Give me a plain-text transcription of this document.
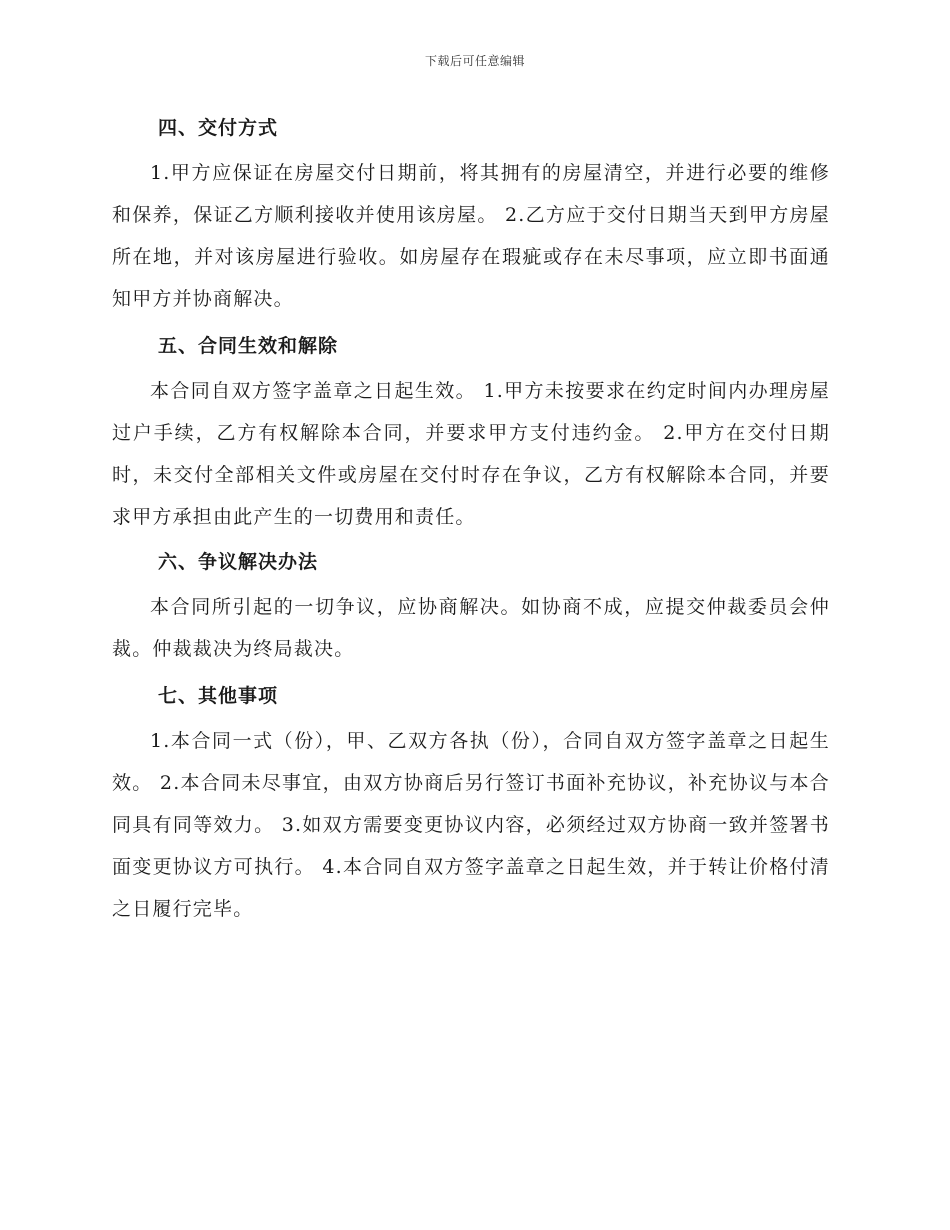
下载后可任意编辑
四、交付方式

1.甲方应保证在房屋交付日期前，将其拥有的房屋清空，并进行必要的维修和保养，保证乙方顺利接收并使用该房屋。 2.乙方应于交付日期当天到甲方房屋所在地，并对该房屋进行验收。如房屋存在瑕疵或存在未尽事项，应立即书面通知甲方并协商解决。

五、合同生效和解除

本合同自双方签字盖章之日起生效。 1.甲方未按要求在约定时间内办理房屋过户手续，乙方有权解除本合同，并要求甲方支付违约金。 2.甲方在交付日期时，未交付全部相关文件或房屋在交付时存在争议，乙方有权解除本合同，并要求甲方承担由此产生的一切费用和责任。

六、争议解决办法

本合同所引起的一切争议，应协商解决。如协商不成，应提交仲裁委员会仲裁。仲裁裁决为终局裁决。

七、其他事项

1.本合同一式（份），甲、乙双方各执（份），合同自双方签字盖章之日起生效。 2.本合同未尽事宜，由双方协商后另行签订书面补充协议，补充协议与本合同具有同等效力。 3.如双方需要变更协议内容，必须经过双方协商一致并签署书面变更协议方可执行。 4.本合同自双方签字盖章之日起生效，并于转让价格付清之日履行完毕。
